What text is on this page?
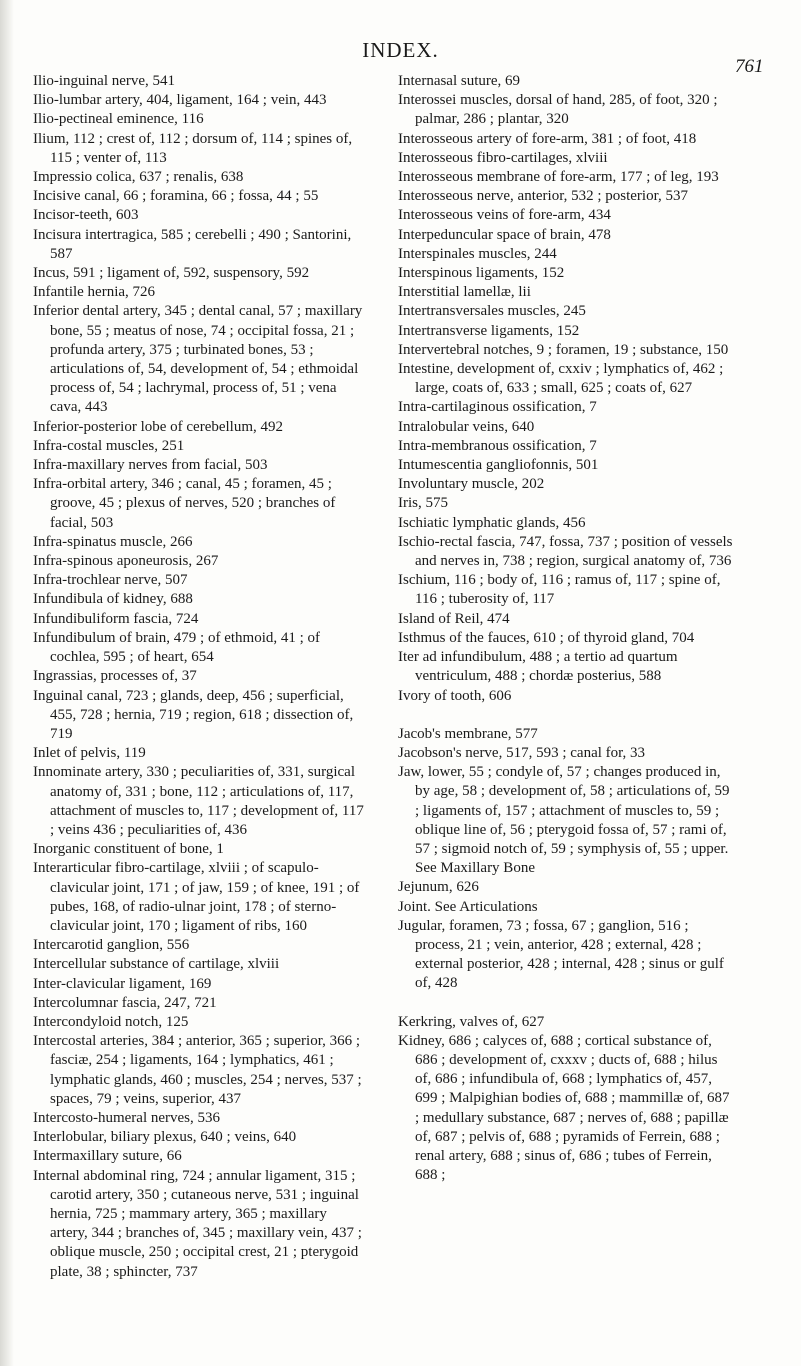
INDEX.
761

Ilio-inguinal nerve, 541

Ilio-lumbar artery, 404, ligament, 164 ; vein, 443

Ilio-pectineal eminence, 116

Ilium, 112 ; crest of, 112 ; dorsum of, 114 ; spines of, 115 ; venter of, 113

Impressio colica, 637 ; renalis, 638

Incisive canal, 66 ; foramina, 66 ; fossa, 44 ; 55

Incisor-teeth, 603

Incisura intertragica, 585 ; cerebelli ; 490 ; Santorini, 587

Incus, 591 ; ligament of, 592, suspensory, 592

Infantile hernia, 726

Inferior dental artery, 345 ; dental canal, 57 ; maxillary bone, 55 ; meatus of nose, 74 ; occipital fossa, 21 ; profunda artery, 375 ; turbinated bones, 53 ; articulations of, 54, development of, 54 ; ethmoidal process of, 54 ; lachrymal, process of, 51 ; vena cava, 443

Inferior-posterior lobe of cerebellum, 492

Infra-costal muscles, 251

Infra-maxillary nerves from facial, 503

Infra-orbital artery, 346 ; canal, 45 ; foramen, 45 ; groove, 45 ; plexus of nerves, 520 ; branches of facial, 503

Infra-spinatus muscle, 266

Infra-spinous aponeurosis, 267

Infra-trochlear nerve, 507

Infundibula of kidney, 688

Infundibuliform fascia, 724

Infundibulum of brain, 479 ; of ethmoid, 41 ; of cochlea, 595 ; of heart, 654

Ingrassias, processes of, 37

Inguinal canal, 723 ; glands, deep, 456 ; superficial, 455, 728 ; hernia, 719 ; region, 618 ; dissection of, 719

Inlet of pelvis, 119

Innominate artery, 330 ; peculiarities of, 331, surgical anatomy of, 331 ; bone, 112 ; articulations of, 117, attachment of muscles to, 117 ; development of, 117 ; veins 436 ; peculiarities of, 436

Inorganic constituent of bone, 1

Interarticular fibro-cartilage, xlviii ; of scapulo-clavicular joint, 171 ; of jaw, 159 ; of knee, 191 ; of pubes, 168, of radio-ulnar joint, 178 ; of sterno-clavicular joint, 170 ; ligament of ribs, 160

Intercarotid ganglion, 556

Intercellular substance of cartilage, xlviii

Inter-clavicular ligament, 169

Intercolumnar fascia, 247, 721

Intercondyloid notch, 125

Intercostal arteries, 384 ; anterior, 365 ; superior, 366 ; fasciæ, 254 ; ligaments, 164 ; lymphatics, 461 ; lymphatic glands, 460 ; muscles, 254 ; nerves, 537 ; spaces, 79 ; veins, superior, 437

Intercosto-humeral nerves, 536

Interlobular, biliary plexus, 640 ; veins, 640

Intermaxillary suture, 66

Internal abdominal ring, 724 ; annular ligament, 315 ; carotid artery, 350 ; cutaneous nerve, 531 ; inguinal hernia, 725 ; mammary artery, 365 ; maxillary artery, 344 ; branches of, 345 ; maxillary vein, 437 ; oblique muscle, 250 ; occipital crest, 21 ; pterygoid plate, 38 ; sphincter, 737

Internasal suture, 69

Interossei muscles, dorsal of hand, 285, of foot, 320 ; palmar, 286 ; plantar, 320

Interosseous artery of fore-arm, 381 ; of foot, 418

Interosseous fibro-cartilages, xlviii

Interosseous membrane of fore-arm, 177 ; of leg, 193

Interosseous nerve, anterior, 532 ; posterior, 537

Interosseous veins of fore-arm, 434

Interpeduncular space of brain, 478

Interspinales muscles, 244

Interspinous ligaments, 152

Interstitial lamellæ, lii

Intertransversales muscles, 245

Intertransverse ligaments, 152

Intervertebral notches, 9 ; foramen, 19 ; substance, 150

Intestine, development of, cxxiv ; lymphatics of, 462 ; large, coats of, 633 ; small, 625 ; coats of, 627

Intra-cartilaginous ossification, 7

Intralobular veins, 640

Intra-membranous ossification, 7

Intumescentia gangliofonnis, 501

Involuntary muscle, 202

Iris, 575

Ischiatic lymphatic glands, 456

Ischio-rectal fascia, 747, fossa, 737 ; position of vessels and nerves in, 738 ; region, surgical anatomy of, 736

Ischium, 116 ; body of, 116 ; ramus of, 117 ; spine of, 116 ; tuberosity of, 117

Island of Reil, 474

Isthmus of the fauces, 610 ; of thyroid gland, 704

Iter ad infundibulum, 488 ; a tertio ad quartum ventriculum, 488 ; chordæ posterius, 588

Ivory of tooth, 606

Jacob's membrane, 577

Jacobson's nerve, 517, 593 ; canal for, 33

Jaw, lower, 55 ; condyle of, 57 ; changes produced in, by age, 58 ; development of, 58 ; articulations of, 59 ; ligaments of, 157 ; attachment of muscles to, 59 ; oblique line of, 56 ; pterygoid fossa of, 57 ; rami of, 57 ; sigmoid notch of, 59 ; symphysis of, 55 ; upper. See Maxillary Bone

Jejunum, 626

Joint. See Articulations

Jugular, foramen, 73 ; fossa, 67 ; ganglion, 516 ; process, 21 ; vein, anterior, 428 ; external, 428 ; external posterior, 428 ; internal, 428 ; sinus or gulf of, 428

Kerkring, valves of, 627

Kidney, 686 ; calyces of, 688 ; cortical substance of, 686 ; development of, cxxxv ; ducts of, 688 ; hilus of, 686 ; infundibula of, 668 ; lymphatics of, 457, 699 ; Malpighian bodies of, 688 ; mammillæ of, 687 ; medullary substance, 687 ; nerves of, 688 ; papillæ of, 687 ; pelvis of, 688 ; pyramids of Ferrein, 688 ; renal artery, 688 ; sinus of, 686 ; tubes of Ferrein, 688 ;
